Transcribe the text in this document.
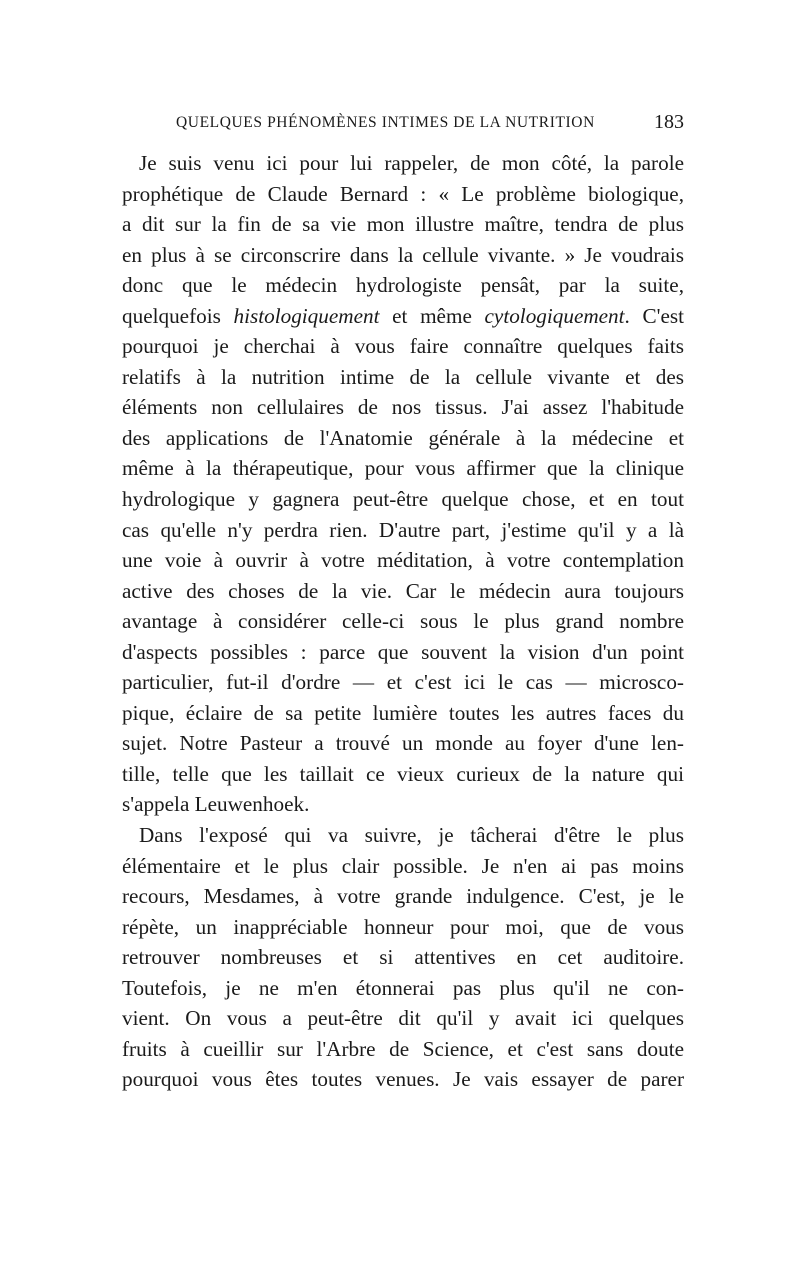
QUELQUES PHÉNOMÈNES INTIMES DE LA NUTRITION	183
Je suis venu ici pour lui rappeler, de mon côté, la parole
prophétique de Claude Bernard : « Le problème biologique,
a dit sur la fin de sa vie mon illustre maître, tendra de plus
en plus à se circonscrire dans la cellule vivante. » Je voudrais
donc que le médecin hydrologiste pensât, par la suite,
quelquefois histologiquement et même cytologiquement. C'est
pourquoi je cherchai à vous faire connaître quelques faits
relatifs à la nutrition intime de la cellule vivante et des
éléments non cellulaires de nos tissus. J'ai assez l'habitude
des applications de l'Anatomie générale à la médecine et
même à la thérapeutique, pour vous affirmer que la clinique
hydrologique y gagnera peut-être quelque chose, et en tout
cas qu'elle n'y perdra rien. D'autre part, j'estime qu'il y a là
une voie à ouvrir à votre méditation, à votre contemplation
active des choses de la vie. Car le médecin aura toujours
avantage à considérer celle-ci sous le plus grand nombre
d'aspects possibles : parce que souvent la vision d'un point
particulier, fut-il d'ordre — et c'est ici le cas — microsco-
pique, éclaire de sa petite lumière toutes les autres faces du
sujet. Notre Pasteur a trouvé un monde au foyer d'une len-
tille, telle que les taillait ce vieux curieux de la nature qui
s'appela Leuwenhoek.
Dans l'exposé qui va suivre, je tâcherai d'être le plus
élémentaire et le plus clair possible. Je n'en ai pas moins
recours, Mesdames, à votre grande indulgence. C'est, je le
répète, un inappréciable honneur pour moi, que de vous
retrouver nombreuses et si attentives en cet auditoire.
Toutefois, je ne m'en étonnerai pas plus qu'il ne con-
vient. On vous a peut-être dit qu'il y avait ici quelques
fruits à cueillir sur l'Arbre de Science, et c'est sans doute
pourquoi vous êtes toutes venues. Je vais essayer de parer
